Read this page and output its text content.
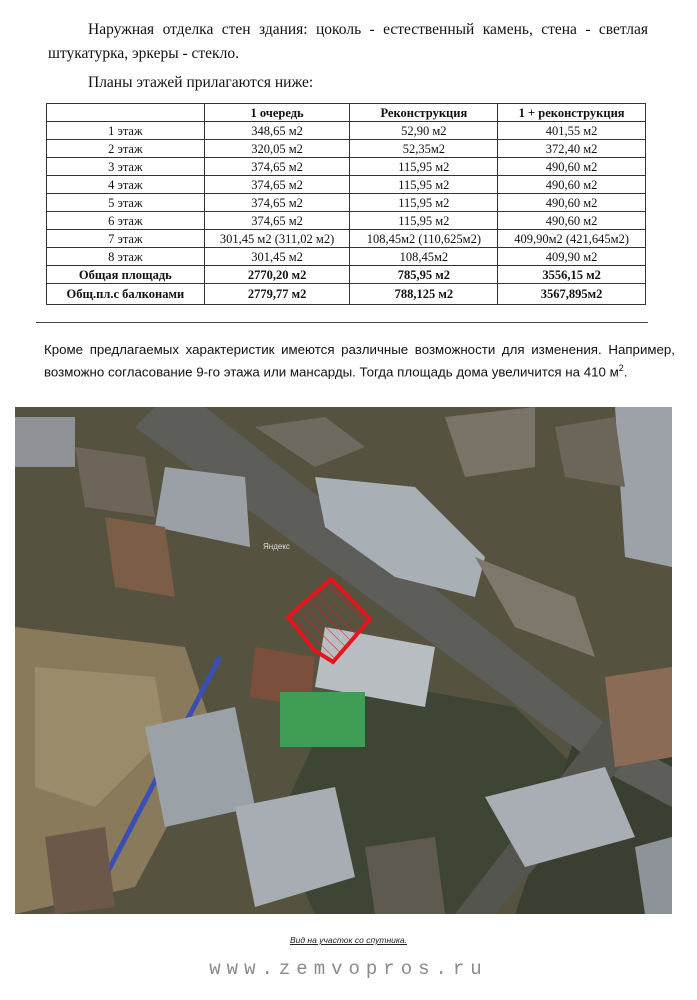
Наружная отделка стен здания: цоколь - естественный камень, стена - светлая штукатурка, эркеры - стекло.
Планы этажей прилагаются ниже:
	1 очередь	Реконструкция	1 + реконструкция
1 этаж	348,65 м2	52,90 м2	401,55 м2
2 этаж	320,05 м2	52,35м2	372,40 м2
3 этаж	374,65 м2	115,95 м2	490,60 м2
4 этаж	374,65 м2	115,95 м2	490,60 м2
5 этаж	374,65 м2	115,95 м2	490,60 м2
6 этаж	374,65 м2	115,95 м2	490,60 м2
7 этаж	301,45 м2 (311,02 м2)	108,45м2 (110,625м2)	409,90м2 (421,645м2)
8 этаж	301,45 м2	108,45м2	409,90 м2
Общая площадь	2770,20 м2	785,95 м2	3556,15 м2
Общ.пл.с балконами	2779,77 м2	788,125 м2	3567,895м2
Кроме предлагаемых характеристик имеются различные возможности для изменения. Например, возможно согласование 9-го этажа или мансарды. Тогда площадь дома увеличится на 410 $м^2$.
Яндекс
Вид на участок со спутника.
www.zemvopros.ru
